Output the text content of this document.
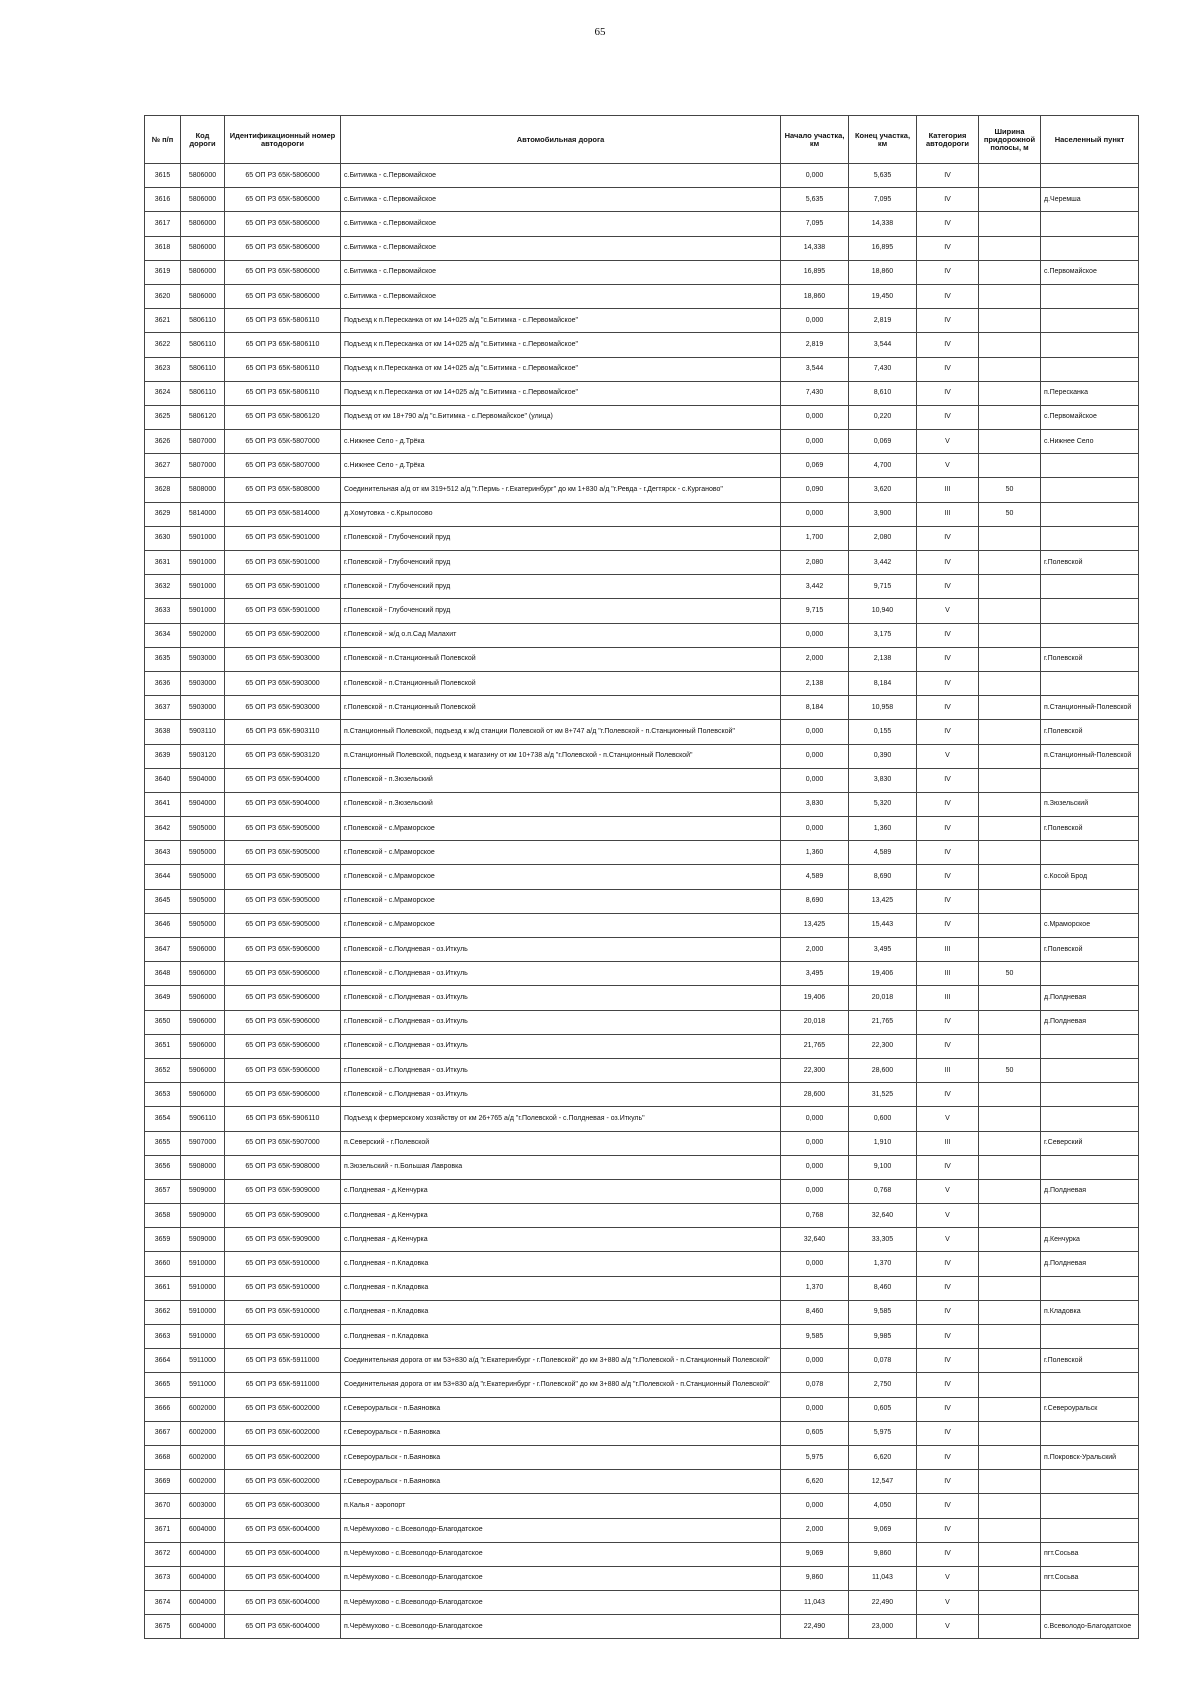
65
№ п/п	Код дороги	Идентификационный номер автодороги	Автомобильная дорога	Начало участка, км	Конец участка, км	Категория автодороги	Ширина придорожной полосы, м	Населенный пункт
3615	5806000	65 ОП РЗ 65К-5806000	с.Битимка - с.Первомайское	0,000	5,635	IV		
3616	5806000	65 ОП РЗ 65К-5806000	с.Битимка - с.Первомайское	5,635	7,095	IV		д.Черемша
3617	5806000	65 ОП РЗ 65К-5806000	с.Битимка - с.Первомайское	7,095	14,338	IV		
3618	5806000	65 ОП РЗ 65К-5806000	с.Битимка - с.Первомайское	14,338	16,895	IV		
3619	5806000	65 ОП РЗ 65К-5806000	с.Битимка - с.Первомайское	16,895	18,860	IV		с.Первомайское
3620	5806000	65 ОП РЗ 65К-5806000	с.Битимка - с.Первомайское	18,860	19,450	IV		
3621	5806110	65 ОП РЗ 65К-5806110	Подъезд к п.Пересканка от км 14+025 а/д "с.Битимка - с.Первомайское"	0,000	2,819	IV		
3622	5806110	65 ОП РЗ 65К-5806110	Подъезд к п.Пересканка от км 14+025 а/д "с.Битимка - с.Первомайское"	2,819	3,544	IV		
3623	5806110	65 ОП РЗ 65К-5806110	Подъезд к п.Пересканка от км 14+025 а/д "с.Битимка - с.Первомайское"	3,544	7,430	IV		
3624	5806110	65 ОП РЗ 65К-5806110	Подъезд к п.Пересканка от км 14+025 а/д "с.Битимка - с.Первомайское"	7,430	8,610	IV		п.Пересканка
3625	5806120	65 ОП РЗ 65К-5806120	Подъезд от км 18+790 а/д "с.Битимка - с.Первомайское" (улица)	0,000	0,220	IV		с.Первомайское
3626	5807000	65 ОП РЗ 65К-5807000	с.Нижнее Село - д.Трёка	0,000	0,069	V		с.Нижнее Село
3627	5807000	65 ОП РЗ 65К-5807000	с.Нижнее Село - д.Трёка	0,069	4,700	V		
3628	5808000	65 ОП РЗ 65К-5808000	Соединительная а/д от км 319+512 а/д "г.Пермь - г.Екатеринбург" до км 1+830 а/д "г.Ревда - г.Дегтярск - с.Курганово"	0,090	3,620	III	50	
3629	5814000	65 ОП РЗ 65К-5814000	д.Хомутовка - с.Крылосово	0,000	3,900	III	50	
3630	5901000	65 ОП РЗ 65К-5901000	г.Полевской - Глубоченский пруд	1,700	2,080	IV		
3631	5901000	65 ОП РЗ 65К-5901000	г.Полевской - Глубоченский пруд	2,080	3,442	IV		г.Полевской
3632	5901000	65 ОП РЗ 65К-5901000	г.Полевской - Глубоченский пруд	3,442	9,715	IV		
3633	5901000	65 ОП РЗ 65К-5901000	г.Полевской - Глубоченский пруд	9,715	10,940	V		
3634	5902000	65 ОП РЗ 65К-5902000	г.Полевской - ж/д о.п.Сад Малахит	0,000	3,175	IV		
3635	5903000	65 ОП РЗ 65К-5903000	г.Полевской - п.Станционный Полевской	2,000	2,138	IV		г.Полевской
3636	5903000	65 ОП РЗ 65К-5903000	г.Полевской - п.Станционный Полевской	2,138	8,184	IV		
3637	5903000	65 ОП РЗ 65К-5903000	г.Полевской - п.Станционный Полевской	8,184	10,958	IV		п.Станционный-Полевской
3638	5903110	65 ОП РЗ 65К-5903110	п.Станционный Полевской, подъезд к ж/д станции Полевской от км 8+747 а/д "г.Полевской - п.Станционный Полевской"	0,000	0,155	IV		г.Полевской
3639	5903120	65 ОП РЗ 65К-5903120	п.Станционный Полевской, подъезд к магазину от км 10+738 а/д "г.Полевской - п.Станционный Полевской"	0,000	0,390	V		п.Станционный-Полевской
3640	5904000	65 ОП РЗ 65К-5904000	г.Полевской - п.Зюзельский	0,000	3,830	IV		
3641	5904000	65 ОП РЗ 65К-5904000	г.Полевской - п.Зюзельский	3,830	5,320	IV		п.Зюзельский
3642	5905000	65 ОП РЗ 65К-5905000	г.Полевской - с.Мраморское	0,000	1,360	IV		г.Полевской
3643	5905000	65 ОП РЗ 65К-5905000	г.Полевской - с.Мраморское	1,360	4,589	IV		
3644	5905000	65 ОП РЗ 65К-5905000	г.Полевской - с.Мраморское	4,589	8,690	IV		с.Косой Брод
3645	5905000	65 ОП РЗ 65К-5905000	г.Полевской - с.Мраморское	8,690	13,425	IV		
3646	5905000	65 ОП РЗ 65К-5905000	г.Полевской - с.Мраморское	13,425	15,443	IV		с.Мраморское
3647	5906000	65 ОП РЗ 65К-5906000	г.Полевской - с.Полдневая - оз.Иткуль	2,000	3,495	III		г.Полевской
3648	5906000	65 ОП РЗ 65К-5906000	г.Полевской - с.Полдневая - оз.Иткуль	3,495	19,406	III	50	
3649	5906000	65 ОП РЗ 65К-5906000	г.Полевской - с.Полдневая - оз.Иткуль	19,406	20,018	III		д.Полдневая
3650	5906000	65 ОП РЗ 65К-5906000	г.Полевской - с.Полдневая - оз.Иткуль	20,018	21,765	IV		д.Полдневая
3651	5906000	65 ОП РЗ 65К-5906000	г.Полевской - с.Полдневая - оз.Иткуль	21,765	22,300	IV		
3652	5906000	65 ОП РЗ 65К-5906000	г.Полевской - с.Полдневая - оз.Иткуль	22,300	28,600	III	50	
3653	5906000	65 ОП РЗ 65К-5906000	г.Полевской - с.Полдневая - оз.Иткуль	28,600	31,525	IV		
3654	5906110	65 ОП РЗ 65К-5906110	Подъезд к фермерскому хозяйству от км 26+765 а/д "г.Полевской - с.Полдневая - оз.Иткуль"	0,000	0,600	V		
3655	5907000	65 ОП РЗ 65К-5907000	п.Северский - г.Полевской	0,000	1,910	III		г.Северский
3656	5908000	65 ОП РЗ 65К-5908000	п.Зюзельский - п.Большая Лавровка	0,000	9,100	IV		
3657	5909000	65 ОП РЗ 65К-5909000	с.Полдневая - д.Кенчурка	0,000	0,768	V		д.Полдневая
3658	5909000	65 ОП РЗ 65К-5909000	с.Полдневая - д.Кенчурка	0,768	32,640	V		
3659	5909000	65 ОП РЗ 65К-5909000	с.Полдневая - д.Кенчурка	32,640	33,305	V		д.Кенчурка
3660	5910000	65 ОП РЗ 65К-5910000	с.Полдневая - п.Кладовка	0,000	1,370	IV		д.Полдневая
3661	5910000	65 ОП РЗ 65К-5910000	с.Полдневая - п.Кладовка	1,370	8,460	IV		
3662	5910000	65 ОП РЗ 65К-5910000	с.Полдневая - п.Кладовка	8,460	9,585	IV		п.Кладовка
3663	5910000	65 ОП РЗ 65К-5910000	с.Полдневая - п.Кладовка	9,585	9,985	IV		
3664	5911000	65 ОП РЗ 65К-5911000	Соединительная дорога от км 53+830 а/д "г.Екатеринбург - г.Полевской" до км 3+880 а/д "г.Полевской - п.Станционный Полевской"	0,000	0,078	IV		г.Полевской
3665	5911000	65 ОП РЗ 65К-5911000	Соединительная дорога от км 53+830 а/д "г.Екатеринбург - г.Полевской" до км 3+880 а/д "г.Полевской - п.Станционный Полевской"	0,078	2,750	IV		
3666	6002000	65 ОП РЗ 65К-6002000	г.Североуральск - п.Баяновка	0,000	0,605	IV		г.Североуральск
3667	6002000	65 ОП РЗ 65К-6002000	г.Североуральск - п.Баяновка	0,605	5,975	IV		
3668	6002000	65 ОП РЗ 65К-6002000	г.Североуральск - п.Баяновка	5,975	6,620	IV		п.Покровск-Уральский
3669	6002000	65 ОП РЗ 65К-6002000	г.Североуральск - п.Баяновка	6,620	12,547	IV		
3670	6003000	65 ОП РЗ 65К-6003000	п.Калья - аэропорт	0,000	4,050	IV		
3671	6004000	65 ОП РЗ 65К-6004000	п.Черёмухово - с.Всеволодо-Благодатское	2,000	9,069	IV		
3672	6004000	65 ОП РЗ 65К-6004000	п.Черёмухово - с.Всеволодо-Благодатское	9,069	9,860	IV		пгт.Сосьва
3673	6004000	65 ОП РЗ 65К-6004000	п.Черёмухово - с.Всеволодо-Благодатское	9,860	11,043	V		пгт.Сосьва
3674	6004000	65 ОП РЗ 65К-6004000	п.Черёмухово - с.Всеволодо-Благодатское	11,043	22,490	V		
3675	6004000	65 ОП РЗ 65К-6004000	п.Черёмухово - с.Всеволодо-Благодатское	22,490	23,000	V		с.Всеволодо-Благодатское
